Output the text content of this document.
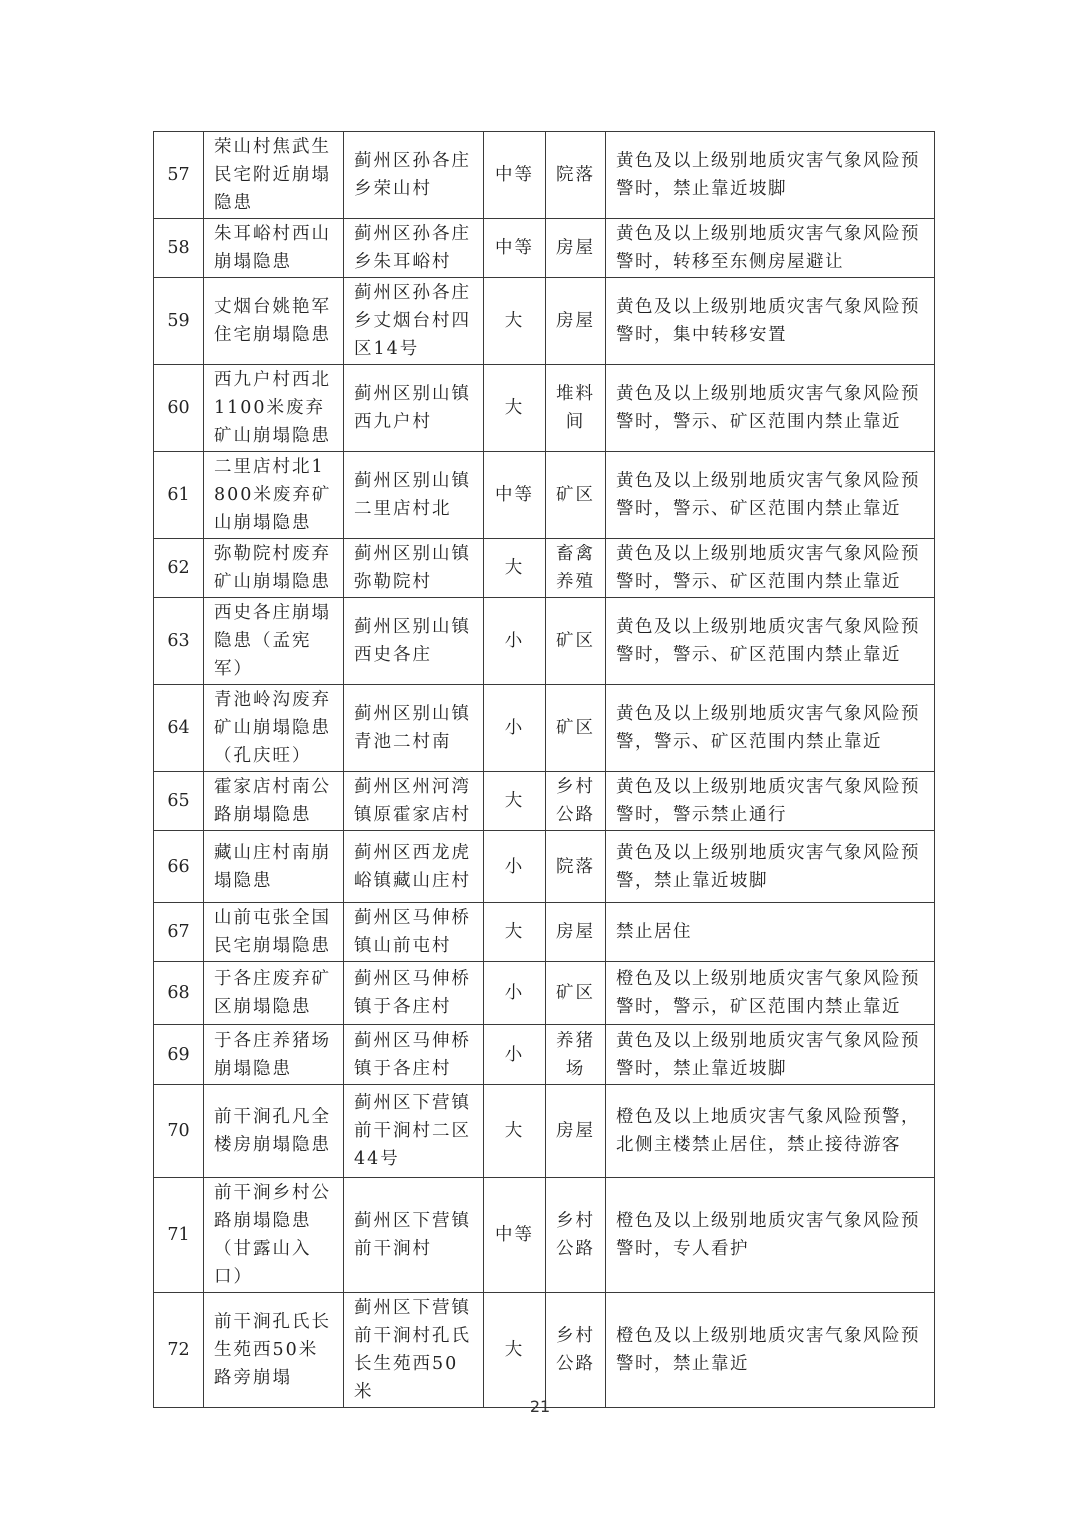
57	荣山村焦武生民宅附近崩塌隐患	蓟州区孙各庄乡荣山村	中等	院落	黄色及以上级别地质灾害气象风险预警时，禁止靠近坡脚
58	朱耳峪村西山崩塌隐患	蓟州区孙各庄乡朱耳峪村	中等	房屋	黄色及以上级别地质灾害气象风险预警时，转移至东侧房屋避让
59	丈烟台姚艳军住宅崩塌隐患	蓟州区孙各庄乡丈烟台村四区14号	大	房屋	黄色及以上级别地质灾害气象风险预警时，集中转移安置
60	西九户村西北1100米废弃矿山崩塌隐患	蓟州区别山镇西九户村	大	堆料间	黄色及以上级别地质灾害气象风险预警时，警示、矿区范围内禁止靠近
61	二里店村北1800米废弃矿山崩塌隐患	蓟州区别山镇二里店村北	中等	矿区	黄色及以上级别地质灾害气象风险预警时，警示、矿区范围内禁止靠近
62	弥勒院村废弃矿山崩塌隐患	蓟州区别山镇弥勒院村	大	畜禽养殖	黄色及以上级别地质灾害气象风险预警时，警示、矿区范围内禁止靠近
63	西史各庄崩塌隐患（孟宪军）	蓟州区别山镇西史各庄	小	矿区	黄色及以上级别地质灾害气象风险预警时，警示、矿区范围内禁止靠近
64	青池岭沟废弃矿山崩塌隐患（孔庆旺）	蓟州区别山镇青池二村南	小	矿区	黄色及以上级别地质灾害气象风险预警，警示、矿区范围内禁止靠近
65	霍家店村南公路崩塌隐患	蓟州区州河湾镇原霍家店村	大	乡村公路	黄色及以上级别地质灾害气象风险预警时，警示禁止通行
66	藏山庄村南崩塌隐患	蓟州区西龙虎峪镇藏山庄村	小	院落	黄色及以上级别地质灾害气象风险预警，禁止靠近坡脚
67	山前屯张全国民宅崩塌隐患	蓟州区马伸桥镇山前屯村	大	房屋	禁止居住
68	于各庄废弃矿区崩塌隐患	蓟州区马伸桥镇于各庄村	小	矿区	橙色及以上级别地质灾害气象风险预警时，警示，矿区范围内禁止靠近
69	于各庄养猪场崩塌隐患	蓟州区马伸桥镇于各庄村	小	养猪场	黄色及以上级别地质灾害气象风险预警时，禁止靠近坡脚
70	前干涧孔凡全楼房崩塌隐患	蓟州区下营镇前干涧村二区44号	大	房屋	橙色及以上地质灾害气象风险预警，北侧主楼禁止居住，禁止接待游客
71	前干涧乡村公路崩塌隐患（甘露山入口）	蓟州区下营镇前干涧村	中等	乡村公路	橙色及以上级别地质灾害气象风险预警时，专人看护
72	前干涧孔氏长生苑西50米路旁崩塌	蓟州区下营镇前干涧村孔氏长生苑西50米	大	乡村公路	橙色及以上级别地质灾害气象风险预警时，禁止靠近
21
